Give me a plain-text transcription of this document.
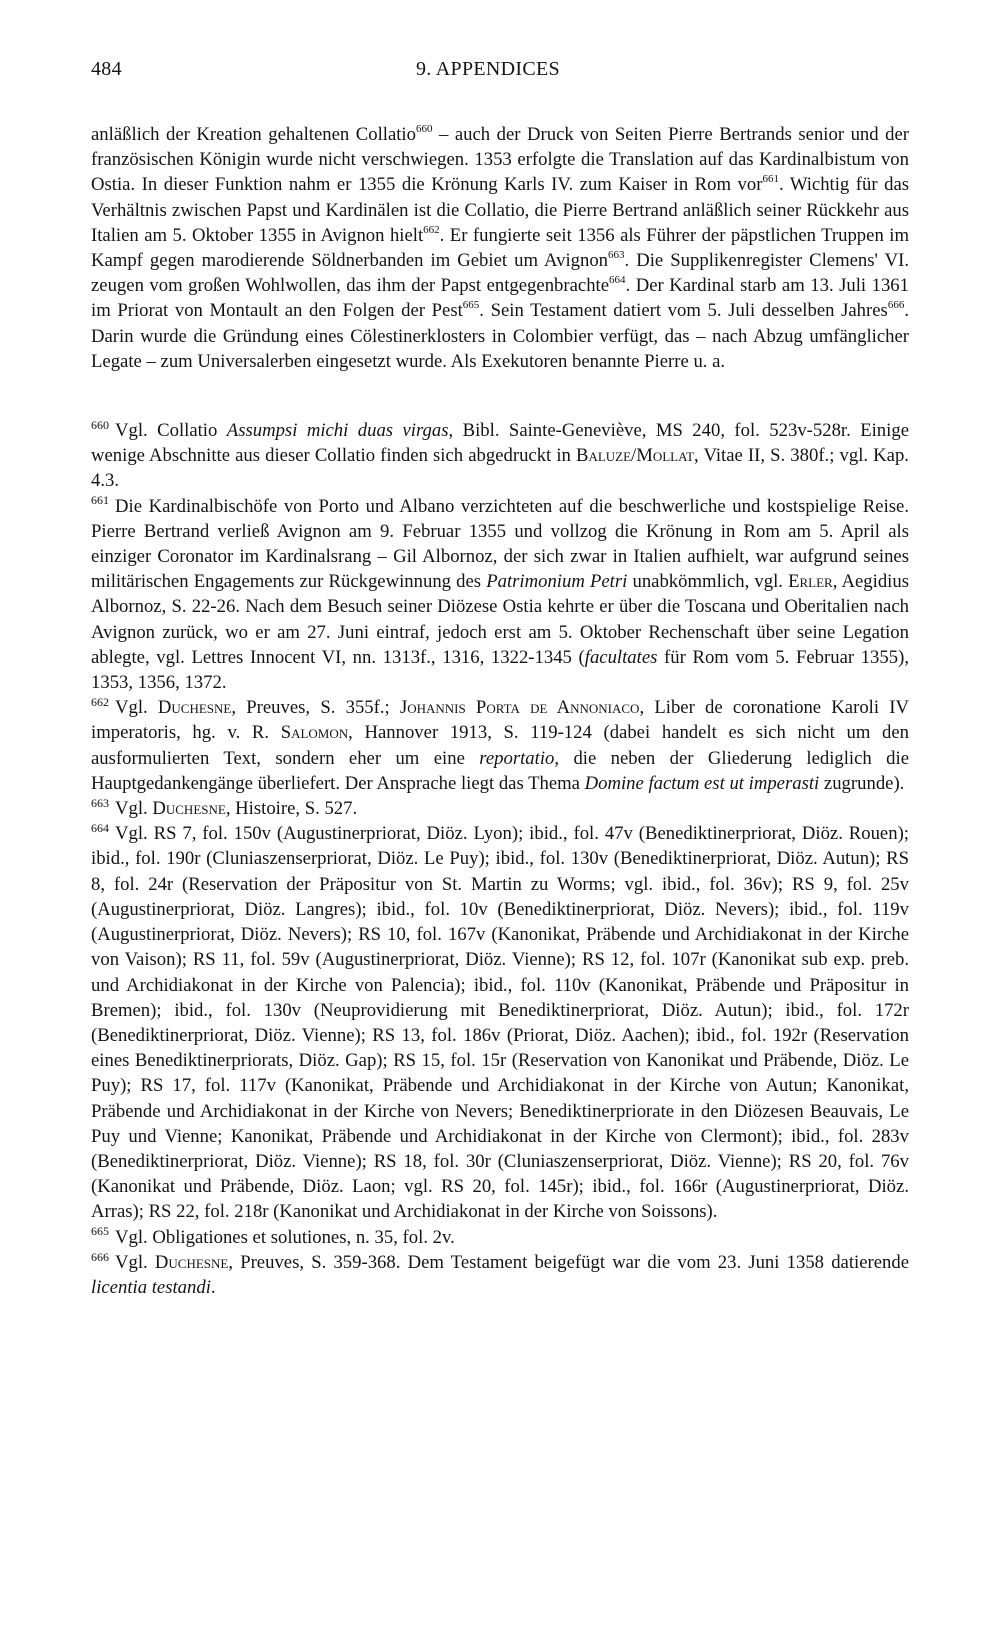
484	9. APPENDICES

anläßlich der Kreation gehaltenen Collatio$^{660}$ – auch der Druck von Seiten Pierre Bertrands senior und der französischen Königin wurde nicht verschwiegen. 1353 erfolgte die Translation auf das Kardinalbistum von Ostia. In dieser Funktion nahm er 1355 die Krönung Karls IV. zum Kaiser in Rom vor$^{661}$. Wichtig für das Verhältnis zwischen Papst und Kardinälen ist die Collatio, die Pierre Bertrand anläßlich seiner Rückkehr aus Italien am 5. Oktober 1355 in Avignon hielt$^{662}$. Er fungierte seit 1356 als Führer der päpstlichen Truppen im Kampf gegen marodierende Söldnerbanden im Gebiet um Avignon$^{663}$. Die Supplikenregister Clemens' VI. zeugen vom großen Wohlwollen, das ihm der Papst entgegenbrachte$^{664}$. Der Kardinal starb am 13. Juli 1361 im Priorat von Montault an den Folgen der Pest$^{665}$. Sein Testament datiert vom 5. Juli desselben Jahres$^{666}$. Darin wurde die Gründung eines Cölestinerklosters in Colombier verfügt, das – nach Abzug umfänglicher Legate – zum Universalerben eingesetzt wurde. Als Exekutoren benannte Pierre u. a.

$^{660}$ Vgl. Collatio Assumpsi michi duas virgas, Bibl. Sainte-Geneviève, MS 240, fol. 523v-528r. Einige wenige Abschnitte aus dieser Collatio finden sich abgedruckt in Baluze/Mollat, Vitae II, S. 380f.; vgl. Kap. 4.3.

$^{661}$ Die Kardinalbischöfe von Porto und Albano verzichteten auf die beschwerliche und kostspielige Reise. Pierre Bertrand verließ Avignon am 9. Februar 1355 und vollzog die Krönung in Rom am 5. April als einziger Coronator im Kardinalsrang – Gil Albornoz, der sich zwar in Italien aufhielt, war aufgrund seines militärischen Engagements zur Rückgewinnung des Patrimonium Petri unabkömmlich, vgl. Erler, Aegidius Albornoz, S. 22-26. Nach dem Besuch seiner Diözese Ostia kehrte er über die Toscana und Oberitalien nach Avignon zurück, wo er am 27. Juni eintraf, jedoch erst am 5. Oktober Rechenschaft über seine Legation ablegte, vgl. Lettres Innocent VI, nn. 1313f., 1316, 1322-1345 (facultates für Rom vom 5. Februar 1355), 1353, 1356, 1372.

$^{662}$ Vgl. Duchesne, Preuves, S. 355f.; Johannis Porta de Annoniaco, Liber de coronatione Karoli IV imperatoris, hg. v. R. Salomon, Hannover 1913, S. 119-124 (dabei handelt es sich nicht um den ausformulierten Text, sondern eher um eine reportatio, die neben der Gliederung lediglich die Hauptgedankengänge überliefert. Der Ansprache liegt das Thema Domine factum est ut imperasti zugrunde).

$^{663}$ Vgl. Duchesne, Histoire, S. 527.

$^{664}$ Vgl. RS 7, fol. 150v (Augustinerpriorat, Diöz. Lyon); ibid., fol. 47v (Benediktinerpriorat, Diöz. Rouen); ibid., fol. 190r (Cluniaszenserpriorat, Diöz. Le Puy); ibid., fol. 130v (Benediktinerpriorat, Diöz. Autun); RS 8, fol. 24r (Reservation der Präpositur von St. Martin zu Worms; vgl. ibid., fol. 36v); RS 9, fol. 25v (Augustinerpriorat, Diöz. Langres); ibid., fol. 10v (Benediktinerpriorat, Diöz. Nevers); ibid., fol. 119v (Augustinerpriorat, Diöz. Nevers); RS 10, fol. 167v (Kanonikat, Präbende und Archidiakonat in der Kirche von Vaison); RS 11, fol. 59v (Augustinerpriorat, Diöz. Vienne); RS 12, fol. 107r (Kanonikat sub exp. preb. und Archidiakonat in der Kirche von Palencia); ibid., fol. 110v (Kanonikat, Präbende und Präpositur in Bremen); ibid., fol. 130v (Neuprovidierung mit Benediktinerpriorat, Diöz. Autun); ibid., fol. 172r (Benediktinerpriorat, Diöz. Vienne); RS 13, fol. 186v (Priorat, Diöz. Aachen); ibid., fol. 192r (Reservation eines Benediktinerpriorats, Diöz. Gap); RS 15, fol. 15r (Reservation von Kanonikat und Präbende, Diöz. Le Puy); RS 17, fol. 117v (Kanonikat, Präbende und Archidiakonat in der Kirche von Autun; Kanonikat, Präbende und Archidiakonat in der Kirche von Nevers; Benediktinerpriorate in den Diözesen Beauvais, Le Puy und Vienne; Kanonikat, Präbende und Archidiakonat in der Kirche von Clermont); ibid., fol. 283v (Benediktinerpriorat, Diöz. Vienne); RS 18, fol. 30r (Cluniaszenserpriorat, Diöz. Vienne); RS 20, fol. 76v (Kanonikat und Präbende, Diöz. Laon; vgl. RS 20, fol. 145r); ibid., fol. 166r (Augustinerpriorat, Diöz. Arras); RS 22, fol. 218r (Kanonikat und Archidiakonat in der Kirche von Soissons).

$^{665}$ Vgl. Obligationes et solutiones, n. 35, fol. 2v.

$^{666}$ Vgl. Duchesne, Preuves, S. 359-368. Dem Testament beigefügt war die vom 23. Juni 1358 datierende licentia testandi.
